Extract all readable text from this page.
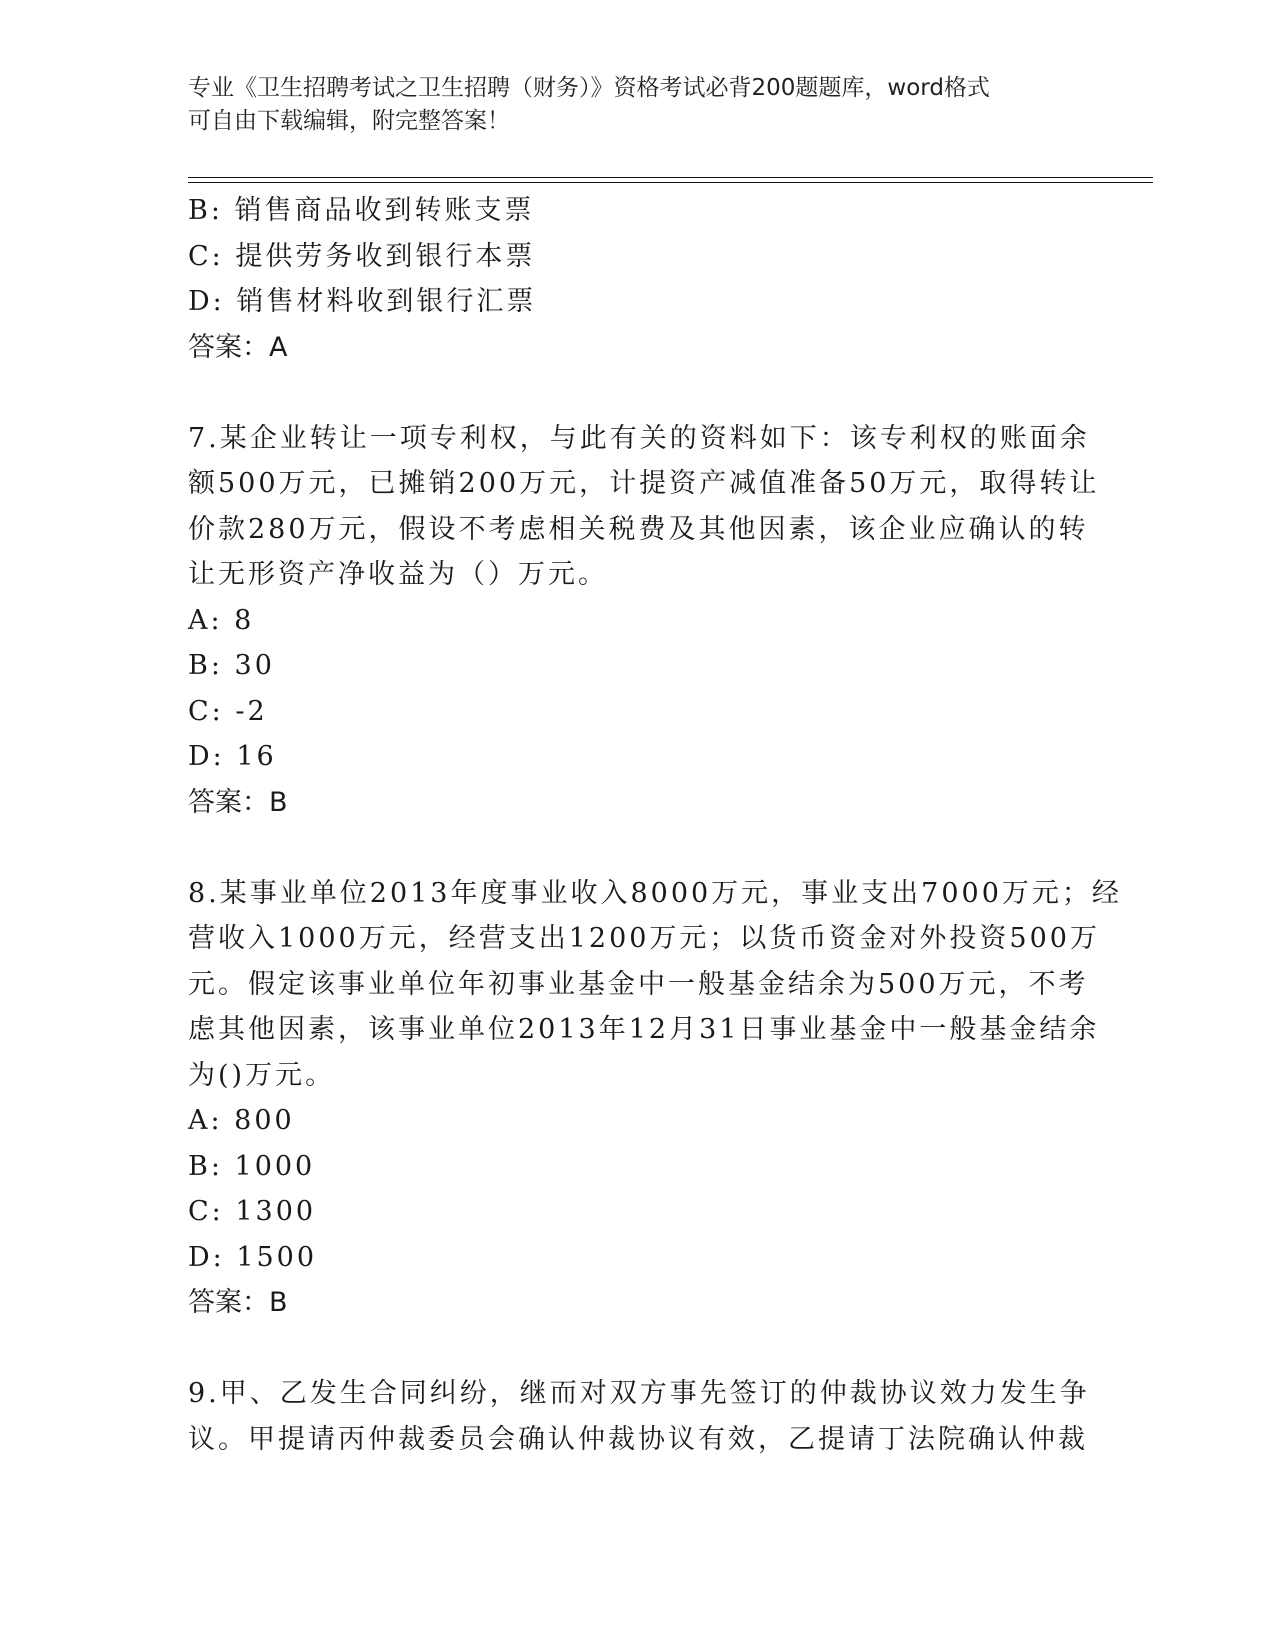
专业《卫生招聘考试之卫生招聘（财务）》资格考试必背200题题库，word格式
可自由下载编辑，附完整答案！
B: 销售商品收到转账支票
C: 提供劳务收到银行本票
D: 销售材料收到银行汇票
答案：A
7.某企业转让一项专利权，与此有关的资料如下：该专利权的账面余
额500万元，已摊销200万元，计提资产减值准备50万元，取得转让
价款280万元，假设不考虑相关税费及其他因素，该企业应确认的转
让无形资产净收益为（）万元。
A: 8
B: 30
C: -2
D: 16
答案：B
8.某事业单位2013年度事业收入8000万元，事业支出7000万元；经
营收入1000万元，经营支出1200万元；以货币资金对外投资500万
元。假定该事业单位年初事业基金中一般基金结余为500万元，不考
虑其他因素，该事业单位2013年12月31日事业基金中一般基金结余
为()万元。
A: 800
B: 1000
C: 1300
D: 1500
答案：B
9.甲、乙发生合同纠纷，继而对双方事先签订的仲裁协议效力发生争
议。甲提请丙仲裁委员会确认仲裁协议有效，乙提请丁法院确认仲裁
